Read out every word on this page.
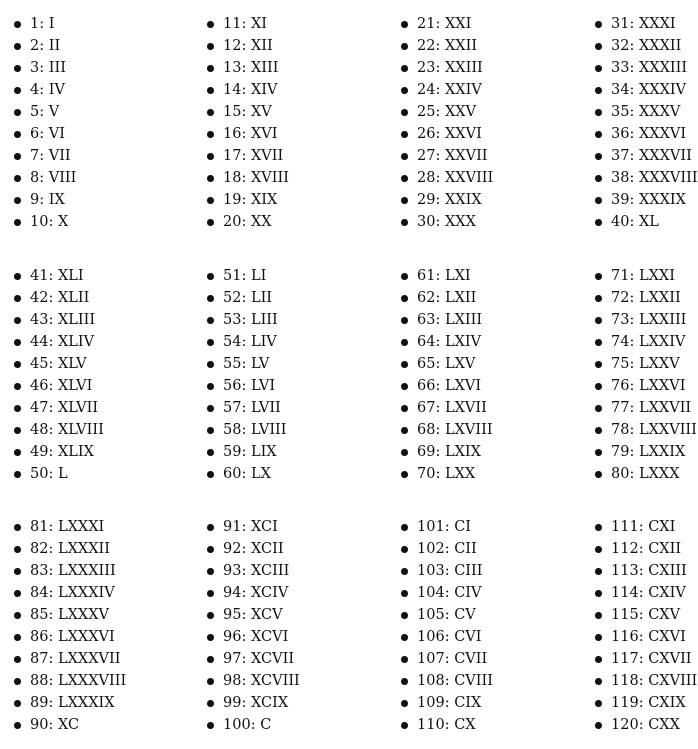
1 : I
2 : II
3 : III
4 : IV
5 : V
6 : VI
7 : VII
8 : VIII
9 : IX
10 : X
11 : XI
12 : XII
13 : XIII
14 : XIV
15 : XV
16 : XVI
17 : XVII
18 : XVIII
19 : XIX
20 : XX
21 : XXI
22 : XXII
23 : XXIII
24 : XXIV
25 : XXV
26 : XXVI
27 : XXVII
28 : XXVIII
29 : XXIX
30 : XXX
31 : XXXI
32 : XXXII
33 : XXXIII
34 : XXXIV
35 : XXXV
36 : XXXVI
37 : XXXVII
38 : XXXVIII
39 : XXXIX
40 : XL
41 : XLI
42 : XLII
43 : XLIII
44 : XLIV
45 : XLV
46 : XLVI
47 : XLVII
48 : XLVIII
49 : XLIX
50 : L
51 : LI
52 : LII
53 : LIII
54 : LIV
55 : LV
56 : LVI
57 : LVII
58 : LVIII
59 : LIX
60 : LX
61 : LXI
62 : LXII
63 : LXIII
64 : LXIV
65 : LXV
66 : LXVI
67 : LXVII
68 : LXVIII
69 : LXIX
70 : LXX
71 : LXXI
72 : LXXII
73 : LXXIII
74 : LXXIV
75 : LXXV
76 : LXXVI
77 : LXXVII
78 : LXXVIII
79 : LXXIX
80 : LXXX
81 : LXXXI
82 : LXXXII
83 : LXXXIII
84 : LXXXIV
85 : LXXXV
86 : LXXXVI
87 : LXXXVII
88 : LXXXVIII
89 : LXXXIX
90 : XC
91 : XCI
92 : XCII
93 : XCIII
94 : XCIV
95 : XCV
96 : XCVI
97 : XCVII
98 : XCVIII
99 : XCIX
100 : C
101 : CI
102 : CII
103 : CIII
104 : CIV
105 : CV
106 : CVI
107 : CVII
108 : CVIII
109 : CIX
110 : CX
111 : CXI
112 : CXII
113 : CXIII
114 : CXIV
115 : CXV
116 : CXVI
117 : CXVII
118 : CXVIII
119 : CXIX
120 : CXX
